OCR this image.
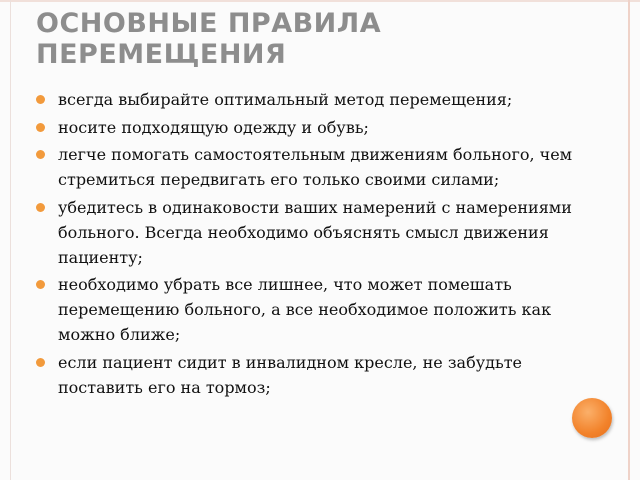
ОСНОВНЫЕ ПРАВИЛА
ПЕРЕМЕЩЕНИЯ
всегда выбирайте оптимальный метод перемещения;
носите подходящую одежду и обувь;
легче помогать самостоятельным движениям больного, чем стремиться передвигать его только своими силами;
убедитесь в одинаковости ваших намерений с намерениями больного. Всегда необходимо объяснять смысл движения пациенту;
необходимо убрать все лишнее, что может помешать перемещению больного, а все необходимое положить как можно ближе;
если пациент сидит в инвалидном кресле, не забудьте поставить его на тормоз;
